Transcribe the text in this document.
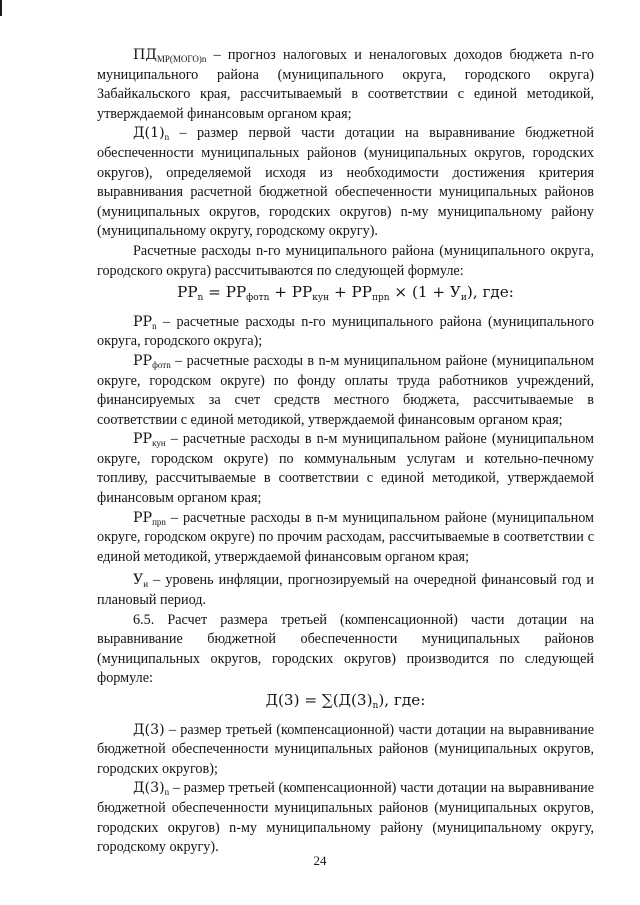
$ПД_{МР(МОГО)n}$ – прогноз налоговых и неналоговых доходов бюджета n-го муниципального района (муниципального округа, городского округа) Забайкальского края, рассчитываемый в соответствии с единой методикой, утверждаемой финансовым органом края;

$Д(1)_n$ – размер первой части дотации на выравнивание бюджетной обеспеченности муниципальных районов (муниципальных округов, городских округов), определяемой исходя из необходимости достижения критерия выравнивания расчетной бюджетной обеспеченности муниципальных районов (муниципальных округов, городских округов) n-му муниципальному району (муниципальному округу, городскому округу).

Расчетные расходы n-го муниципального района (муниципального округа, городского округа) рассчитываются по следующей формуле:

$РР_n = РР_{фотn} + РР_{кун} + РР_{прn} \times (1 + У_и)$, где:

$РР_n$ – расчетные расходы n-го муниципального района (муниципального округа, городского округа);

$РР_{фотn}$ – расчетные расходы в n-м муниципальном районе (муниципальном округе, городском округе) по фонду оплаты труда работников учреждений, финансируемых за счет средств местного бюджета, рассчитываемые в соответствии с единой методикой, утверждаемой финансовым органом края;

$РР_{кун}$ – расчетные расходы в n-м муниципальном районе (муниципальном округе, городском округе) по коммунальным услугам и котельно-печному топливу, рассчитываемые в соответствии с единой методикой, утверждаемой финансовым органом края;

$РР_{прn}$ – расчетные расходы в n-м муниципальном районе (муниципальном округе, городском округе) по прочим расходам, рассчитываемые в соответствии с единой методикой, утверждаемой финансовым органом края;

$У_и$ – уровень инфляции, прогнозируемый на очередной финансовый год и плановый период.

6.5. Расчет размера третьей (компенсационной) части дотации на выравнивание бюджетной обеспеченности муниципальных районов (муниципальных округов, городских округов) производится по следующей формуле:

$Д(3) = \sum(Д(3)_n)$, где:

Д(3) – размер третьей (компенсационной) части дотации на выравнивание бюджетной обеспеченности муниципальных районов (муниципальных округов, городских округов);

$Д(3)_n$ – размер третьей (компенсационной) части дотации на выравнивание бюджетной обеспеченности муниципальных районов (муниципальных округов, городских округов) n-му муниципальному району (муниципальному округу, городскому округу).

24
